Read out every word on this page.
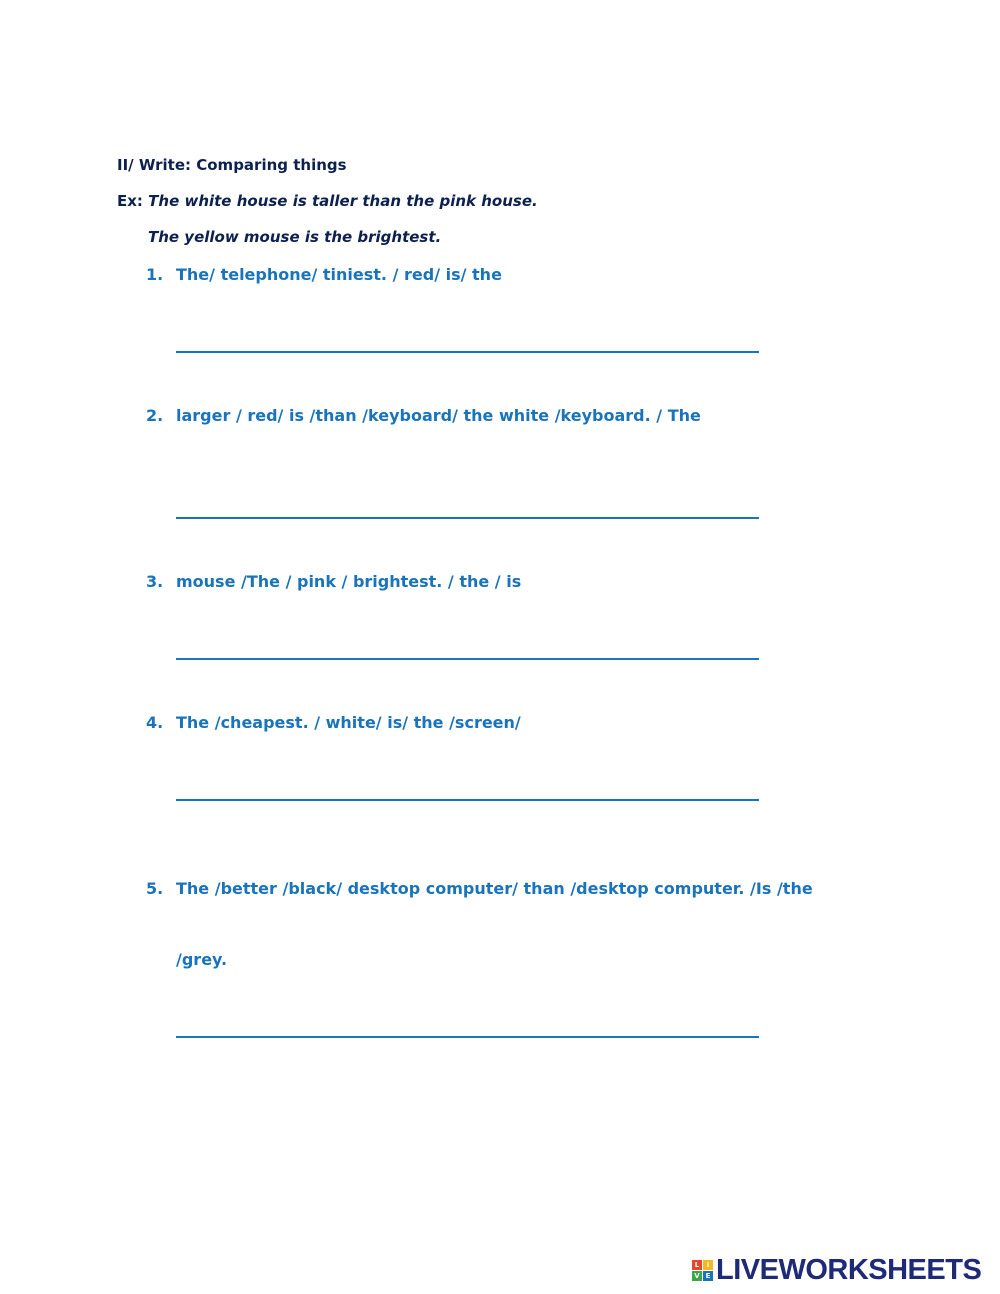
II/ Write: Comparing things
Ex: The white house is taller than the pink house.
The yellow mouse is the brightest.
1. The/ telephone/ tiniest. / red/ is/ the
2. larger / red/ is /than /keyboard/ the white /keyboard. / The
3. mouse /The / pink / brightest. / the / is
4. The /cheapest. / white/ is/ the /screen/
5. The /better /black/ desktop computer/ than /desktop computer. /Is /the
/grey.
L	I
V E LIVEWORKSHEETS
